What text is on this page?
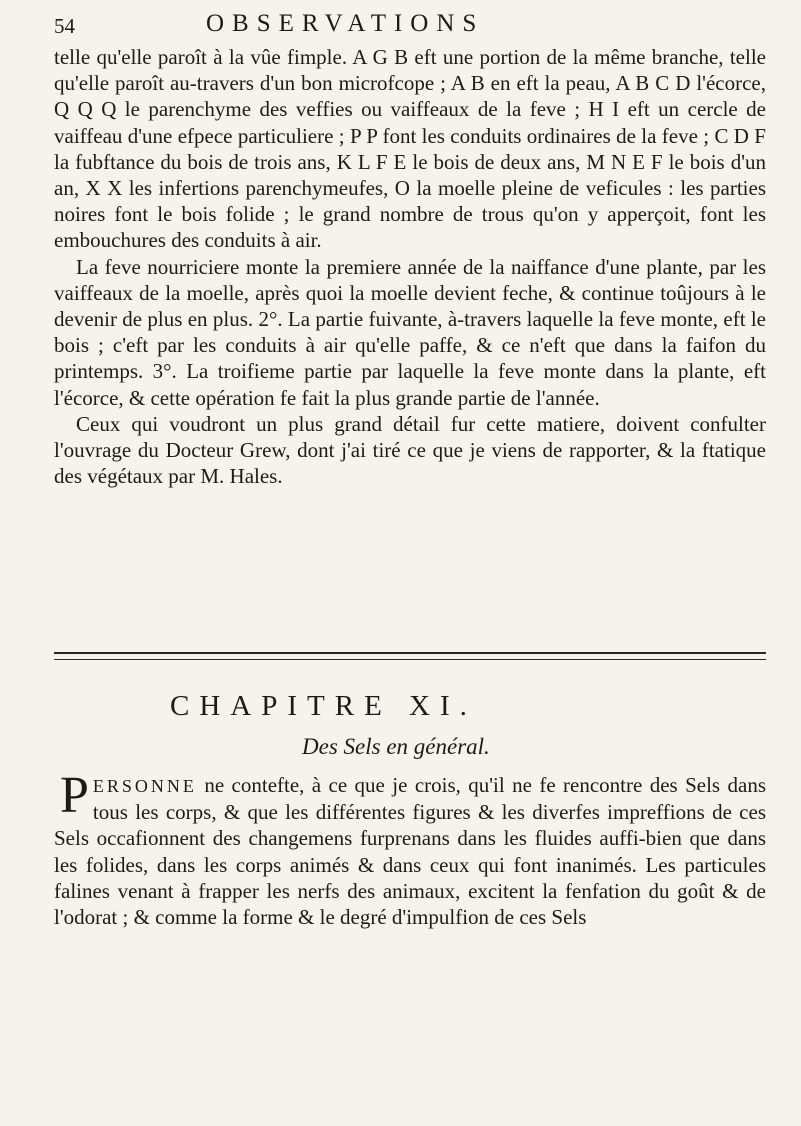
54	OBSERVATIONS

telle qu'elle paroît à la vûe fimple. A G B eft une portion de la même branche, telle qu'elle paroît au-travers d'un bon microfcope ; A B en eft la peau, A B C D l'écorce, Q Q Q le parenchyme des veffies ou vaiffeaux de la feve ; H I eft un cercle de vaiffeau d'une efpece particuliere ; P P font les conduits ordinaires de la feve ; C D F la fubftance du bois de trois ans, K L F E le bois de deux ans, M N E F le bois d'un an, X X les infertions parenchymeufes, O la moelle pleine de veficules : les parties noires font le bois folide ; le grand nombre de trous qu'on y apperçoit, font les embouchures des conduits à air.

La feve nourriciere monte la premiere année de la naiffance d'une plante, par les vaiffeaux de la moelle, après quoi la moelle devient feche, & continue toûjours à le devenir de plus en plus. 2°. La partie fuivante, à-travers laquelle la feve monte, eft le bois ; c'eft par les conduits à air qu'elle paffe, & ce n'eft que dans la faifon du printemps. 3°. La troifieme partie par laquelle la feve monte dans la plante, eft l'écorce, & cette opération fe fait la plus grande partie de l'année.

Ceux qui voudront un plus grand détail fur cette matiere, doivent confulter l'ouvrage du Docteur Grew, dont j'ai tiré ce que je viens de rapporter, & la ftatique des végétaux par M. Hales.

CHAPITRE XI.
Des Sels en général.

PERSONNE ne contefte, à ce que je crois, qu'il ne fe rencontre des Sels dans tous les corps, & que les différentes figures & les diverfes impreffions de ces Sels occafionnent des changemens furprenans dans les fluides auffi-bien que dans les folides, dans les corps animés & dans ceux qui font inanimés. Les particules falines venant à frapper les nerfs des animaux, excitent la fenfation du goût & de l'odorat ; & comme la forme & le degré d'impulfion de ces Sels
